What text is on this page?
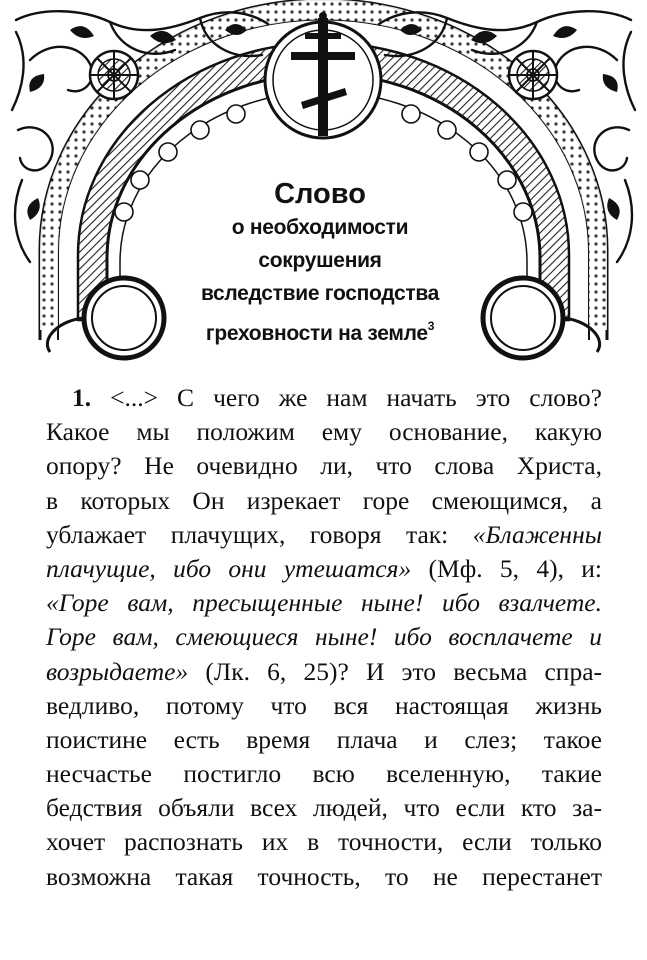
Слово
о необходимости
сокрушения
вследствие господства
греховности на земле$^3$
1. <...> С чего же нам начать это слово?
Какое мы положим ему основание, какую
опору? Не очевидно ли, что слова Христа,
в которых Он изрекает горе смеющимся, а
ублажает плачущих, говоря так: «Блаженны
плачущие, ибо они утешатся» (Мф. 5, 4), и:
«Горе вам, пресыщенные ныне! ибо взалчете.
Горе вам, смеющиеся ныне! ибо восплачете и
возрыдаете» (Лк. 6, 25)? И это весьма спра-
ведливо, потому что вся настоящая жизнь
поистине есть время плача и слез; такое
несчастье постигло всю вселенную, такие
бедствия объяли всех людей, что если кто за-
хочет распознать их в точности, если только
возможна такая точность, то не перестанет
